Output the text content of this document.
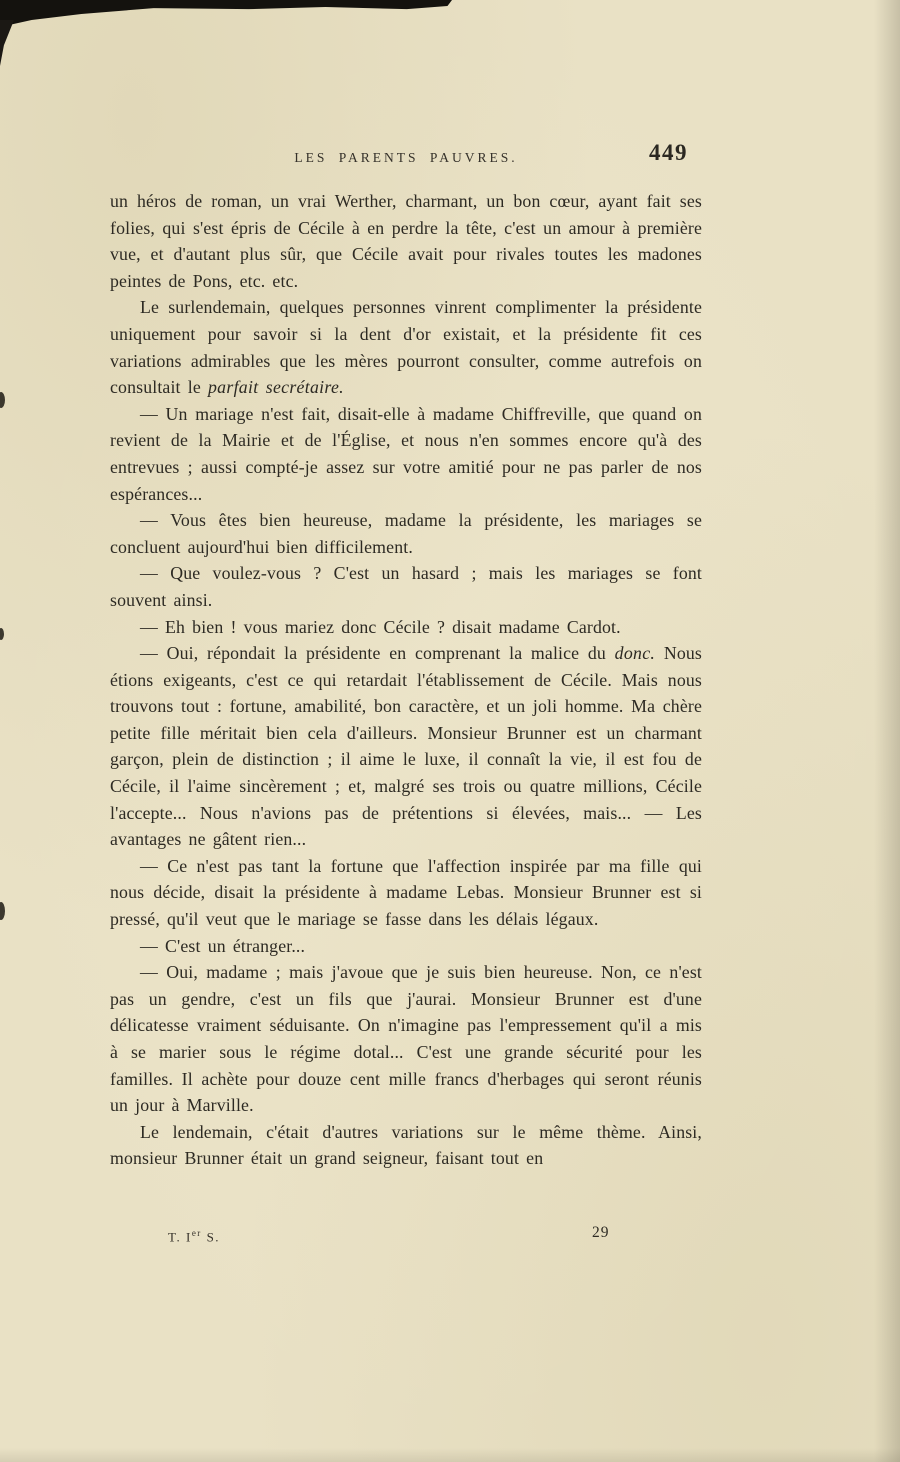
LES PARENTS PAUVRES.	449

un héros de roman, un vrai Werther, charmant, un bon cœur, ayant fait ses folies, qui s'est épris de Cécile à en perdre la tête, c'est un amour à première vue, et d'autant plus sûr, que Cécile avait pour rivales toutes les madones peintes de Pons, etc. etc.

Le surlendemain, quelques personnes vinrent complimenter la présidente uniquement pour savoir si la dent d'or existait, et la présidente fit ces variations admirables que les mères pourront consulter, comme autrefois on consultait le parfait secrétaire.

— Un mariage n'est fait, disait-elle à madame Chiffreville, que quand on revient de la Mairie et de l'Église, et nous n'en sommes encore qu'à des entrevues ; aussi compté-je assez sur votre amitié pour ne pas parler de nos espérances...

— Vous êtes bien heureuse, madame la présidente, les mariages se concluent aujourd'hui bien difficilement.

— Que voulez-vous ? C'est un hasard ; mais les mariages se font souvent ainsi.

— Eh bien ! vous mariez donc Cécile ? disait madame Cardot.

— Oui, répondait la présidente en comprenant la malice du donc. Nous étions exigeants, c'est ce qui retardait l'établissement de Cécile. Mais nous trouvons tout : fortune, amabilité, bon caractère, et un joli homme. Ma chère petite fille méritait bien cela d'ailleurs. Monsieur Brunner est un charmant garçon, plein de distinction ; il aime le luxe, il connaît la vie, il est fou de Cécile, il l'aime sincèrement ; et, malgré ses trois ou quatre millions, Cécile l'accepte... Nous n'avions pas de prétentions si élevées, mais... — Les avantages ne gâtent rien...

— Ce n'est pas tant la fortune que l'affection inspirée par ma fille qui nous décide, disait la présidente à madame Lebas. Monsieur Brunner est si pressé, qu'il veut que le mariage se fasse dans les délais légaux.

— C'est un étranger...

— Oui, madame ; mais j'avoue que je suis bien heureuse. Non, ce n'est pas un gendre, c'est un fils que j'aurai. Monsieur Brunner est d'une délicatesse vraiment séduisante. On n'imagine pas l'empressement qu'il a mis à se marier sous le régime dotal... C'est une grande sécurité pour les familles. Il achète pour douze cent mille francs d'herbages qui seront réunis un jour à Marville.

Le lendemain, c'était d'autres variations sur le même thème. Ainsi, monsieur Brunner était un grand seigneur, faisant tout en

T. Ier S.	29
